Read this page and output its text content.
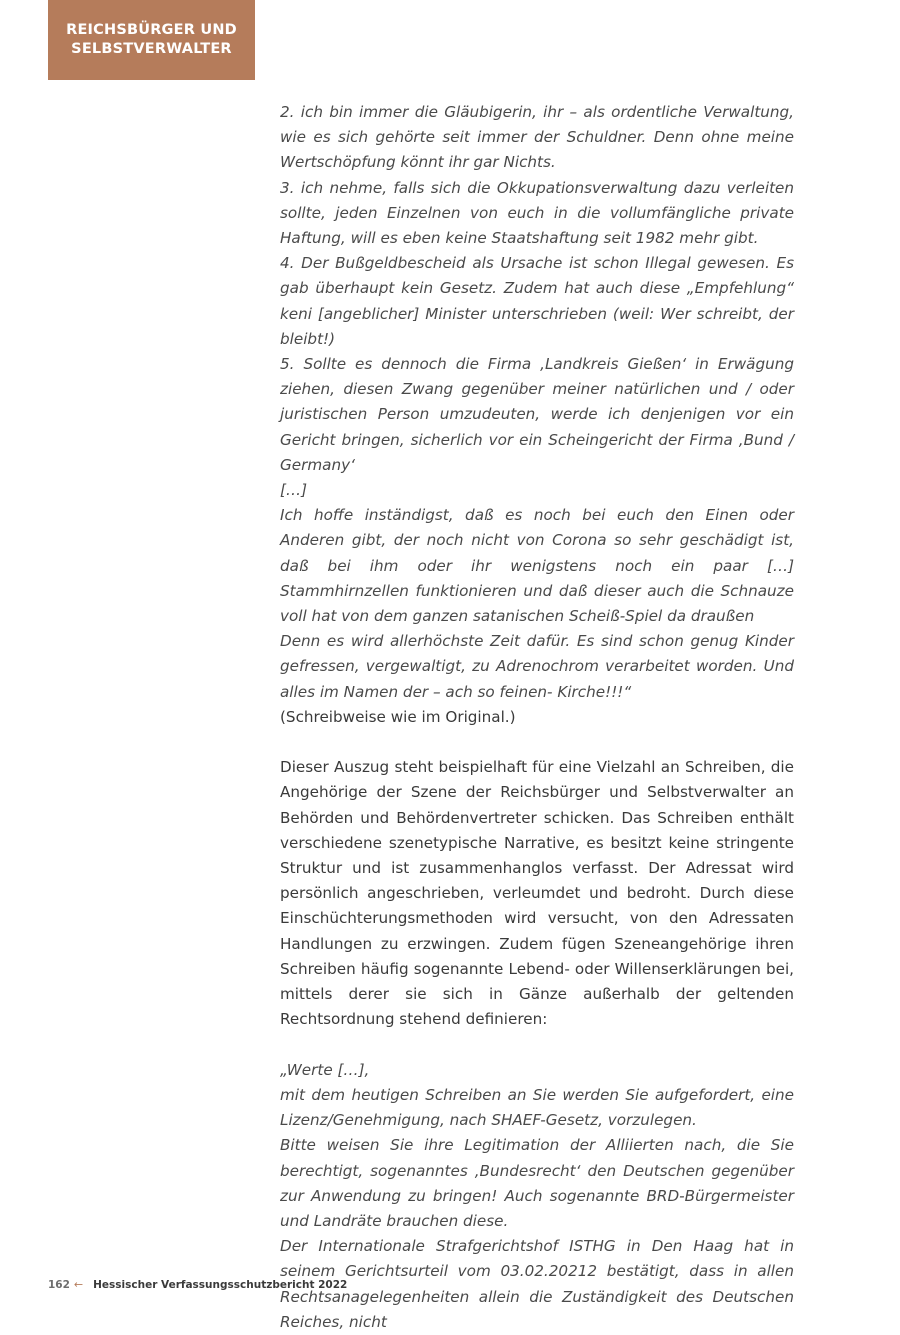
REICHSBÜRGER UND
SELBSTVERWALTER

2. ich bin immer die Gläubigerin, ihr – als ordentliche Verwaltung, wie es sich gehörte seit immer der Schuldner. Denn ohne meine Wertschöpfung könnt ihr gar Nichts.

3. ich nehme, falls sich die Okkupationsverwaltung dazu verleiten sollte, jeden Einzelnen von euch in die vollumfängliche private Haftung, will es eben keine Staatshaftung seit 1982 mehr gibt.

4. Der Bußgeldbescheid als Ursache ist schon Illegal gewesen. Es gab überhaupt kein Gesetz. Zudem hat auch diese „Empfehlung“ keni [angeblicher] Minister unterschrieben (weil: Wer schreibt, der bleibt!)

5. Sollte es dennoch die Firma ‚Landkreis Gießen‘ in Erwägung ziehen, diesen Zwang gegenüber meiner natürlichen und / oder juristischen Person umzudeuten, werde ich denjenigen vor ein Gericht bringen, sicherlich vor ein Scheingericht der Firma ‚Bund / Germany‘

[…]

Ich hoffe inständigst, daß es noch bei euch den Einen oder Anderen gibt, der noch nicht von Corona so sehr geschädigt ist, daß bei ihm oder ihr wenigstens noch ein paar […] Stammhirnzellen funktionieren und daß dieser auch die Schnauze voll hat von dem ganzen satanischen Scheiß-Spiel da draußen

Denn es wird allerhöchste Zeit dafür. Es sind schon genug Kinder gefressen, vergewaltigt, zu Adrenochrom verarbeitet worden. Und alles im Namen der – ach so feinen- Kirche!!!“

(Schreibweise wie im Original.)

Dieser Auszug steht beispielhaft für eine Vielzahl an Schreiben, die Angehörige der Szene der Reichsbürger und Selbstverwalter an Behörden und Behördenvertreter schicken. Das Schreiben enthält verschiedene szenetypische Narrative, es besitzt keine stringente Struktur und ist zusammenhanglos verfasst. Der Adressat wird persönlich angeschrieben, verleumdet und bedroht. Durch diese Einschüchterungsmethoden wird versucht, von den Adressaten Handlungen zu erzwingen. Zudem fügen Szeneangehörige ihren Schreiben häufig sogenannte Lebend- oder Willenserklärungen bei, mittels derer sie sich in Gänze außerhalb der geltenden Rechtsordnung stehend definieren:

„Werte […],

mit dem heutigen Schreiben an Sie werden Sie aufgefordert, eine Lizenz/Genehmigung, nach SHAEF-Gesetz, vorzulegen.

Bitte weisen Sie ihre Legitimation der Alliierten nach, die Sie berechtigt, sogenanntes ‚Bundesrecht‘ den Deutschen gegenüber zur Anwendung zu bringen! Auch sogenannte BRD-Bürgermeister und Landräte brauchen diese.

Der Internationale Strafgerichtshof ISTHG in Den Haag hat in seinem Gerichtsurteil vom 03.02.20212 bestätigt, dass in allen Rechtsanagelegenheiten allein die Zuständigkeit des Deutschen Reiches, nicht

162 ← Hessischer Verfassungsschutzbericht 2022
